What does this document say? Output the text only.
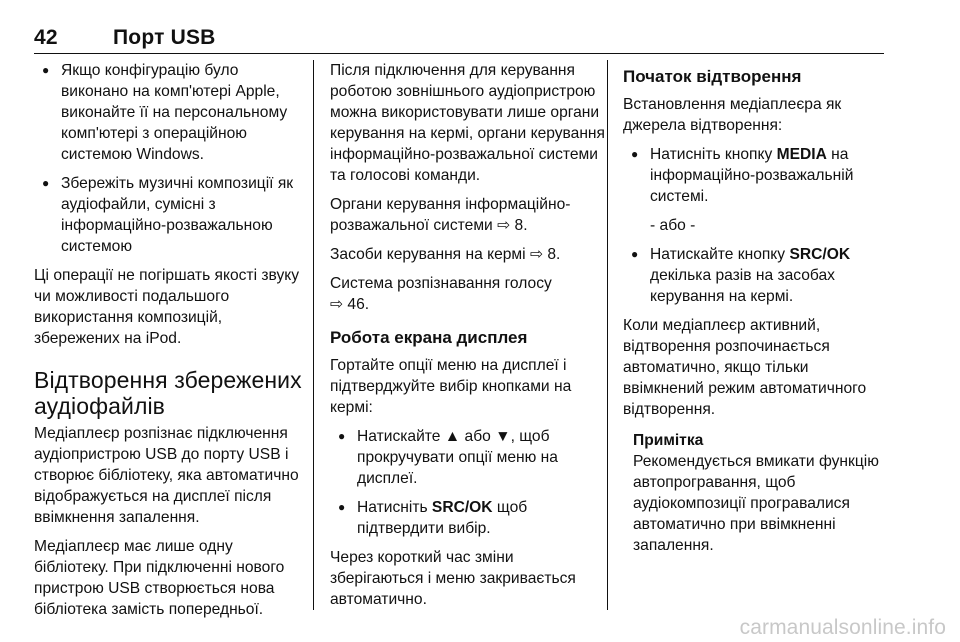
42	Порт USB
● Якщо конфігурацію було виконано на комп'ютері Apple, виконайте її на персональному комп'ютері з операційною системою Windows.
● Збережіть музичні композиції як аудіофайли, сумісні з інформаційно-розважальною системою

Ці операції не погіршать якості звуку чи можливості подальшого використання композицій, збережених на iPod.

Відтворення збережених аудіофайлів

Медіаплеєр розпізнає підключення аудіопристрою USB до порту USB і створює бібліотеку, яка автоматично відображується на дисплеї після ввімкнення запалення.

Медіаплеєр має лише одну бібліотеку. При підключенні нового пристрою USB створюється нова бібліотека замість попередньої.

Після підключення для керування роботою зовнішнього аудіопристрою можна використовувати лише органи керування на кермі, органи керування інформаційно-розважальної системи та голосові команди.

Органи керування інформаційно-розважальної системи ⇨ 8.

Засоби керування на кермі ⇨ 8.

Система розпізнавання голосу
⇨ 46.

Робота екрана дисплея

Гортайте опції меню на дисплеї і підтверджуйте вибір кнопками на кермі:

● Натискайте ▲ або ▼, щоб прокручувати опції меню на дисплеї.
● Натисніть SRC/OK щоб підтвердити вибір.

Через короткий час зміни зберігаються і меню закривається автоматично.

Початок відтворення

Встановлення медіаплеєра як джерела відтворення:

● Натисніть кнопку MEDIA на інформаційно-розважальній системі.
- або -
● Натискайте кнопку SRC/OK декілька разів на засобах керування на кермі.

Коли медіаплеєр активний, відтворення розпочинається автоматично, якщо тільки ввімкнений режим автоматичного відтворення.

Примітка
Рекомендується вмикати функцію автопрогравання, щоб аудіокомпозиції програвалися автоматично при ввімкненні запалення.
carmanualsonline.info
